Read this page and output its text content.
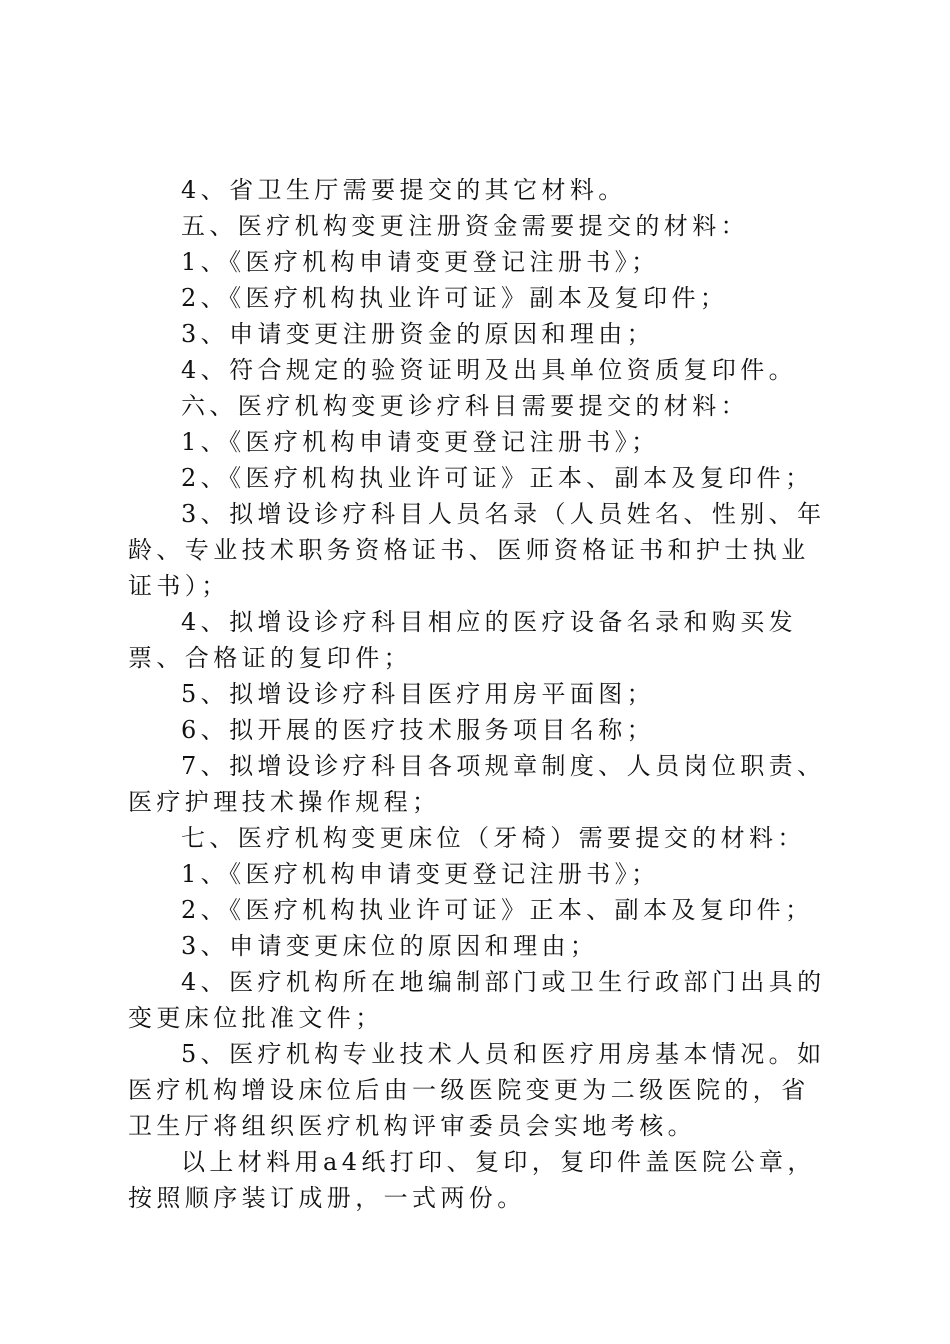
4、省卫生厅需要提交的其它材料。

五、医疗机构变更注册资金需要提交的材料：

1、《医疗机构申请变更登记注册书》；

2、《医疗机构执业许可证》副本及复印件；

3、申请变更注册资金的原因和理由；

4、符合规定的验资证明及出具单位资质复印件。

六、医疗机构变更诊疗科目需要提交的材料：

1、《医疗机构申请变更登记注册书》；

2、《医疗机构执业许可证》正本、副本及复印件；

3、拟增设诊疗科目人员名录（人员姓名、性别、年龄、专业技术职务资格证书、医师资格证书和护士执业证书）；

4、拟增设诊疗科目相应的医疗设备名录和购买发票、合格证的复印件；

5、拟增设诊疗科目医疗用房平面图；

6、拟开展的医疗技术服务项目名称；

7、拟增设诊疗科目各项规章制度、人员岗位职责、医疗护理技术操作规程；

七、医疗机构变更床位（牙椅）需要提交的材料：

1、《医疗机构申请变更登记注册书》；

2、《医疗机构执业许可证》正本、副本及复印件；

3、申请变更床位的原因和理由；

4、医疗机构所在地编制部门或卫生行政部门出具的变更床位批准文件；

5、医疗机构专业技术人员和医疗用房基本情况。如医疗机构增设床位后由一级医院变更为二级医院的，省卫生厅将组织医疗机构评审委员会实地考核。

以上材料用a4纸打印、复印，复印件盖医院公章，按照顺序装订成册，一式两份。
